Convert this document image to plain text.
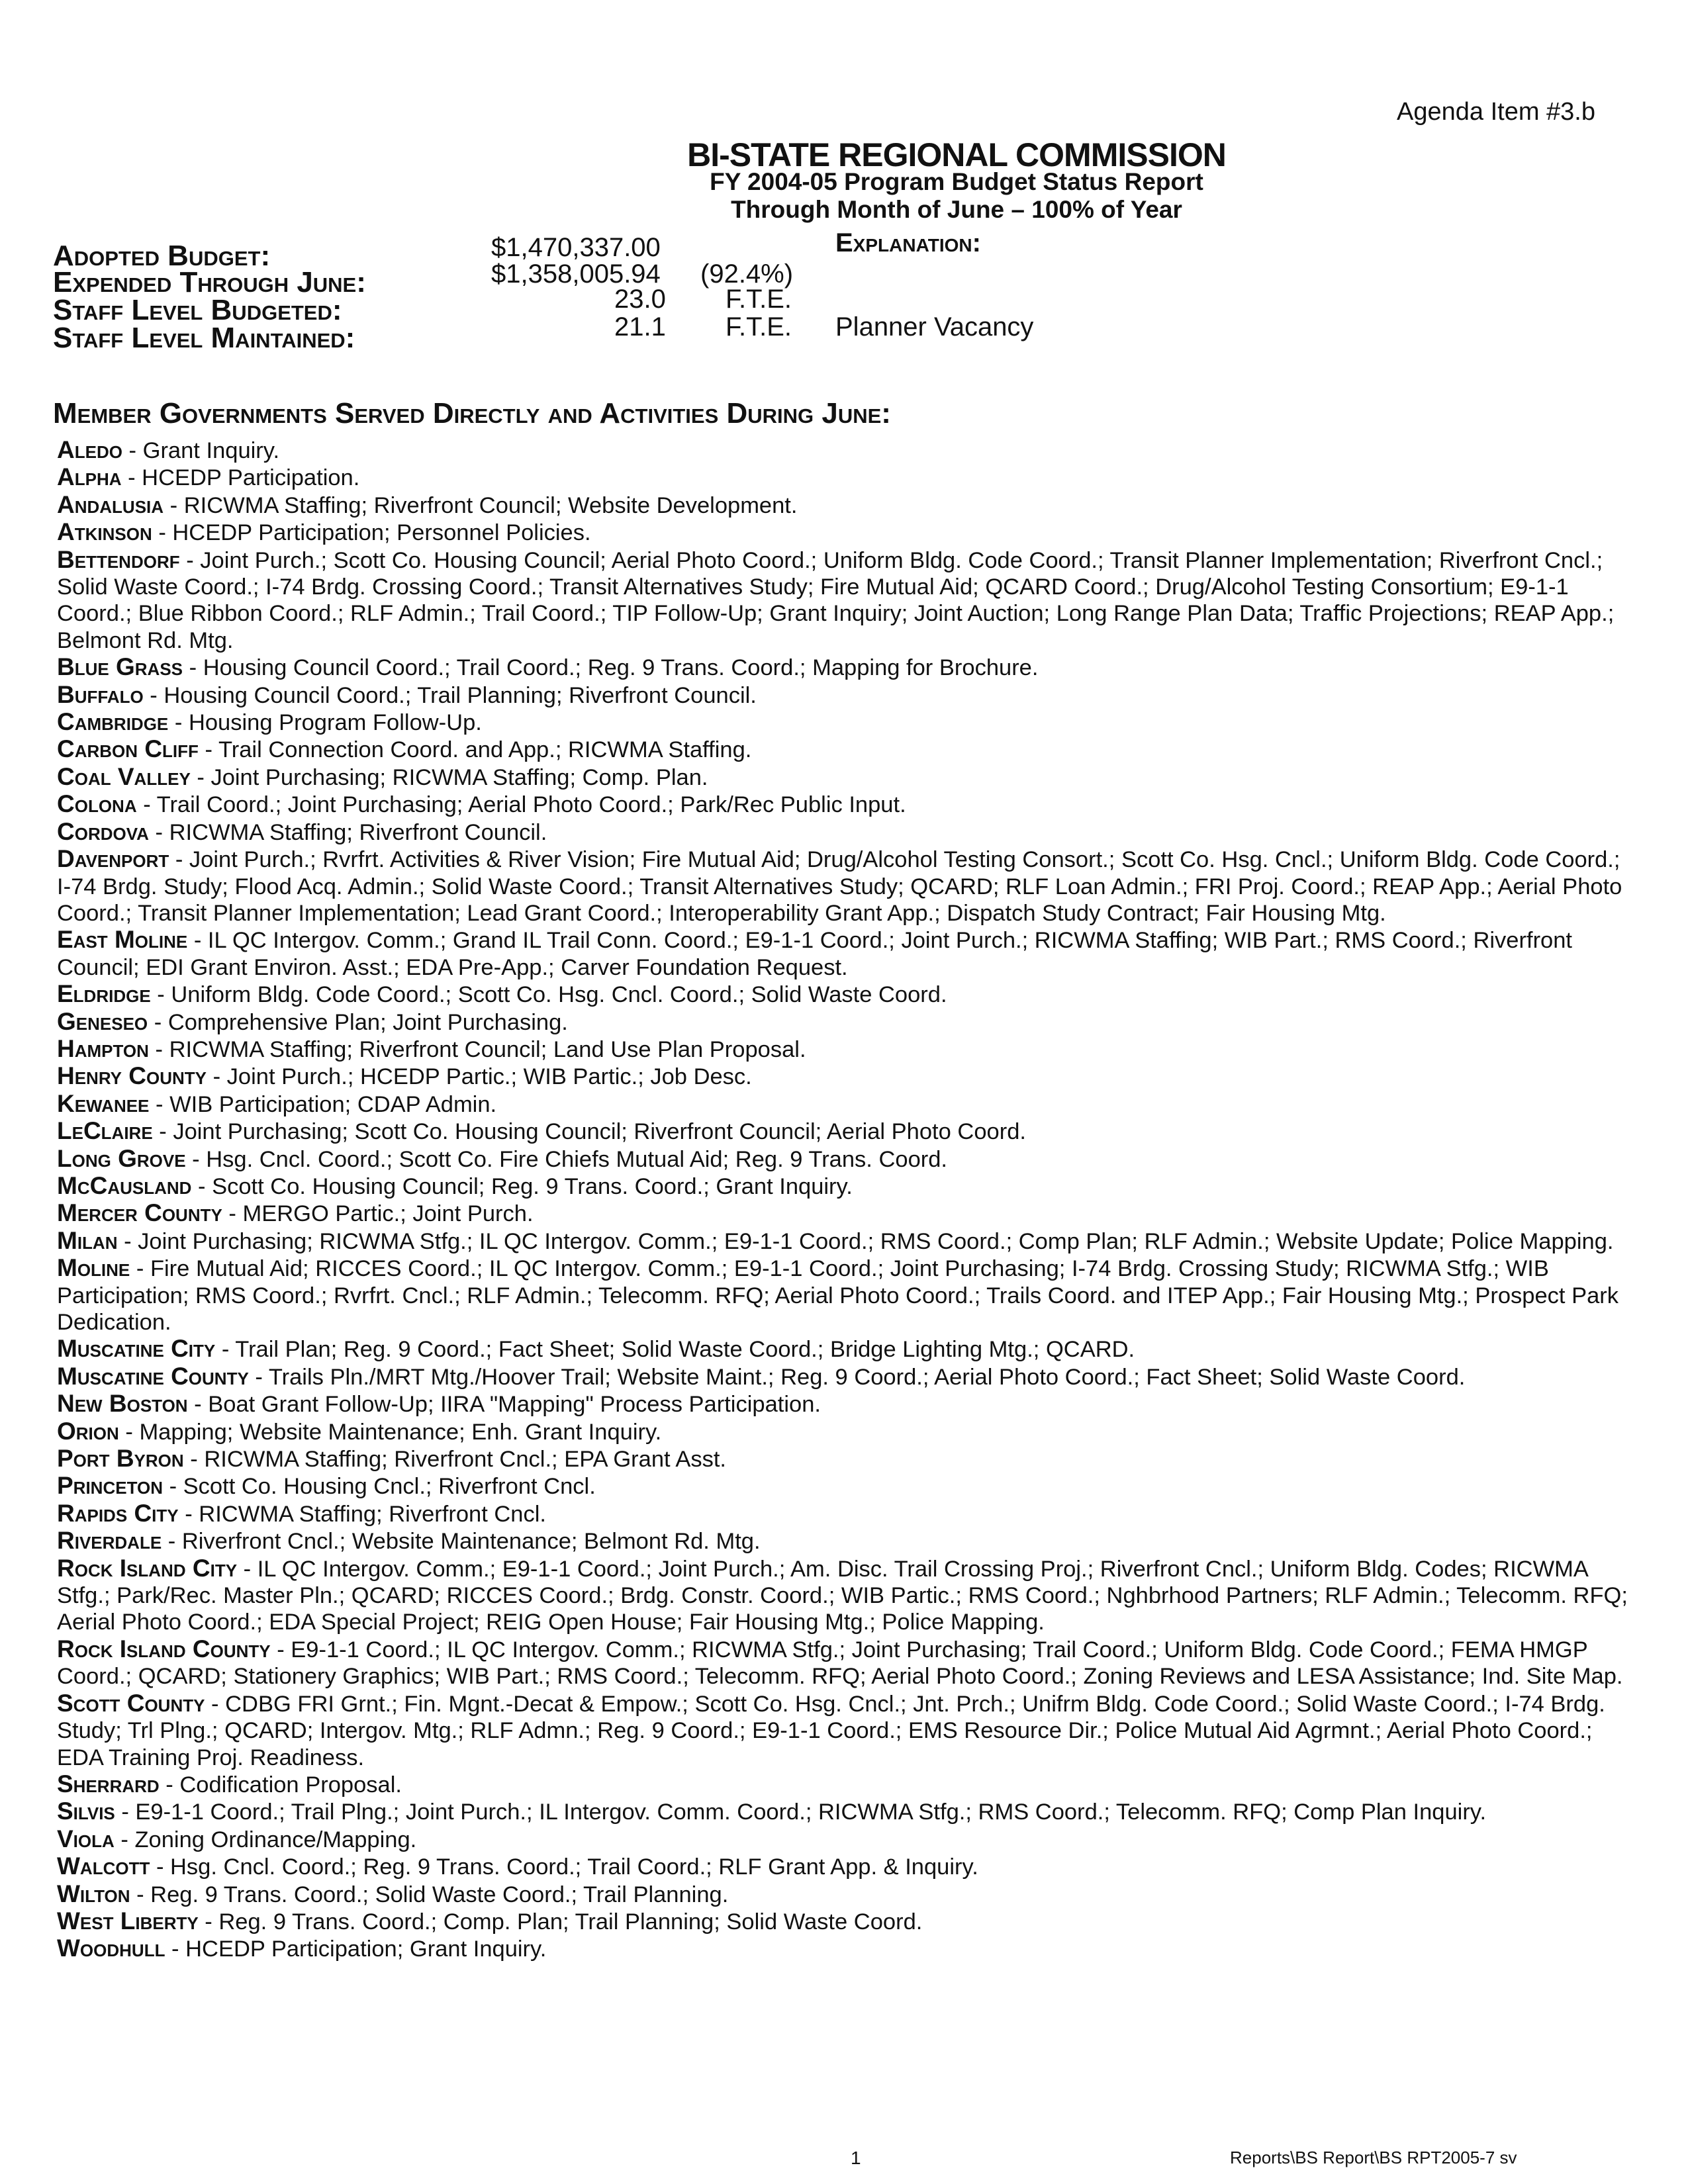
Agenda Item #3.b
BI-STATE REGIONAL COMMISSION
FY 2004-05 Program Budget Status Report
Through Month of June – 100% of Year
Adopted Budget:	$1,470,337.00	Explanation:
Expended Through June:	$1,358,005.94 (92.4%)
Staff Level Budgeted:	23.0 F.T.E.
Staff Level Maintained:	21.1 F.T.E. Planner Vacancy
Member Governments Served Directly and Activities During June:
Aledo - Grant Inquiry.
Alpha - HCEDP Participation.
Andalusia - RICWMA Staffing; Riverfront Council; Website Development.
Atkinson - HCEDP Participation; Personnel Policies.
Bettendorf - Joint Purch.; Scott Co. Housing Council; Aerial Photo Coord.; Uniform Bldg. Code Coord.; Transit Planner Implementation; Riverfront Cncl.; Solid Waste Coord.; I-74 Brdg. Crossing Coord.; Transit Alternatives Study; Fire Mutual Aid; QCARD Coord.; Drug/Alcohol Testing Consortium; E9-1-1 Coord.; Blue Ribbon Coord.; RLF Admin.; Trail Coord.; TIP Follow-Up; Grant Inquiry; Joint Auction; Long Range Plan Data; Traffic Projections; REAP App.; Belmont Rd. Mtg.
Blue Grass - Housing Council Coord.; Trail Coord.; Reg. 9 Trans. Coord.; Mapping for Brochure.
Buffalo - Housing Council Coord.; Trail Planning; Riverfront Council.
Cambridge - Housing Program Follow-Up.
Carbon Cliff - Trail Connection Coord. and App.; RICWMA Staffing.
Coal Valley - Joint Purchasing; RICWMA Staffing; Comp. Plan.
Colona - Trail Coord.; Joint Purchasing; Aerial Photo Coord.; Park/Rec Public Input.
Cordova - RICWMA Staffing; Riverfront Council.
Davenport - Joint Purch.; Rvrfrt. Activities & River Vision; Fire Mutual Aid; Drug/Alcohol Testing Consort.; Scott Co. Hsg. Cncl.; Uniform Bldg. Code Coord.; I-74 Brdg. Study; Flood Acq. Admin.; Solid Waste Coord.; Transit Alternatives Study; QCARD; RLF Loan Admin.; FRI Proj. Coord.; REAP App.; Aerial Photo Coord.; Transit Planner Implementation; Lead Grant Coord.; Interoperability Grant App.; Dispatch Study Contract; Fair Housing Mtg.
East Moline - IL QC Intergov. Comm.; Grand IL Trail Conn. Coord.; E9-1-1 Coord.; Joint Purch.; RICWMA Staffing; WIB Part.; RMS Coord.; Riverfront Council; EDI Grant Environ. Asst.; EDA Pre-App.; Carver Foundation Request.
Eldridge - Uniform Bldg. Code Coord.; Scott Co. Hsg. Cncl. Coord.; Solid Waste Coord.
Geneseo - Comprehensive Plan; Joint Purchasing.
Hampton - RICWMA Staffing; Riverfront Council; Land Use Plan Proposal.
Henry County - Joint Purch.; HCEDP Partic.; WIB Partic.; Job Desc.
Kewanee - WIB Participation; CDAP Admin.
LeClaire - Joint Purchasing; Scott Co. Housing Council; Riverfront Council; Aerial Photo Coord.
Long Grove - Hsg. Cncl. Coord.; Scott Co. Fire Chiefs Mutual Aid; Reg. 9 Trans. Coord.
McCausland - Scott Co. Housing Council; Reg. 9 Trans. Coord.; Grant Inquiry.
Mercer County - MERGO Partic.; Joint Purch.
Milan - Joint Purchasing; RICWMA Stfg.; IL QC Intergov. Comm.; E9-1-1 Coord.; RMS Coord.; Comp Plan; RLF Admin.; Website Update; Police Mapping.
Moline - Fire Mutual Aid; RICCES Coord.; IL QC Intergov. Comm.; E9-1-1 Coord.; Joint Purchasing; I-74 Brdg. Crossing Study; RICWMA Stfg.; WIB Participation; RMS Coord.; Rvrfrt. Cncl.; RLF Admin.; Telecomm. RFQ; Aerial Photo Coord.; Trails Coord. and ITEP App.; Fair Housing Mtg.; Prospect Park Dedication.
Muscatine City - Trail Plan; Reg. 9 Coord.; Fact Sheet; Solid Waste Coord.; Bridge Lighting Mtg.; QCARD.
Muscatine County - Trails Pln./MRT Mtg./Hoover Trail; Website Maint.; Reg. 9 Coord.; Aerial Photo Coord.; Fact Sheet; Solid Waste Coord.
New Boston - Boat Grant Follow-Up; IIRA "Mapping" Process Participation.
Orion - Mapping; Website Maintenance; Enh. Grant Inquiry.
Port Byron - RICWMA Staffing; Riverfront Cncl.; EPA Grant Asst.
Princeton - Scott Co. Housing Cncl.; Riverfront Cncl.
Rapids City - RICWMA Staffing; Riverfront Cncl.
Riverdale - Riverfront Cncl.; Website Maintenance; Belmont Rd. Mtg.
Rock Island City - IL QC Intergov. Comm.; E9-1-1 Coord.; Joint Purch.; Am. Disc. Trail Crossing Proj.; Riverfront Cncl.; Uniform Bldg. Codes; RICWMA Stfg.; Park/Rec. Master Pln.; QCARD; RICCES Coord.; Brdg. Constr. Coord.; WIB Partic.; RMS Coord.; Nghbrhood Partners; RLF Admin.; Telecomm. RFQ; Aerial Photo Coord.; EDA Special Project; REIG Open House; Fair Housing Mtg.; Police Mapping.
Rock Island County - E9-1-1 Coord.; IL QC Intergov. Comm.; RICWMA Stfg.; Joint Purchasing; Trail Coord.; Uniform Bldg. Code Coord.; FEMA HMGP Coord.; QCARD; Stationery Graphics; WIB Part.; RMS Coord.; Telecomm. RFQ; Aerial Photo Coord.; Zoning Reviews and LESA Assistance; Ind. Site Map.
Scott County - CDBG FRI Grnt.; Fin. Mgnt.-Decat & Empow.; Scott Co. Hsg. Cncl.; Jnt. Prch.; Unifrm Bldg. Code Coord.; Solid Waste Coord.; I-74 Brdg. Study; Trl Plng.; QCARD; Intergov. Mtg.; RLF Admn.; Reg. 9 Coord.; E9-1-1 Coord.; EMS Resource Dir.; Police Mutual Aid Agrmnt.; Aerial Photo Coord.; EDA Training Proj. Readiness.
Sherrard - Codification Proposal.
Silvis - E9-1-1 Coord.; Trail Plng.; Joint Purch.; IL Intergov. Comm. Coord.; RICWMA Stfg.; RMS Coord.; Telecomm. RFQ; Comp Plan Inquiry.
Viola - Zoning Ordinance/Mapping.
Walcott - Hsg. Cncl. Coord.; Reg. 9 Trans. Coord.; Trail Coord.; RLF Grant App. & Inquiry.
Wilton - Reg. 9 Trans. Coord.; Solid Waste Coord.; Trail Planning.
West Liberty - Reg. 9 Trans. Coord.; Comp. Plan; Trail Planning; Solid Waste Coord.
Woodhull - HCEDP Participation; Grant Inquiry.
1	Reports\BS Report\BS RPT2005-7 sv
